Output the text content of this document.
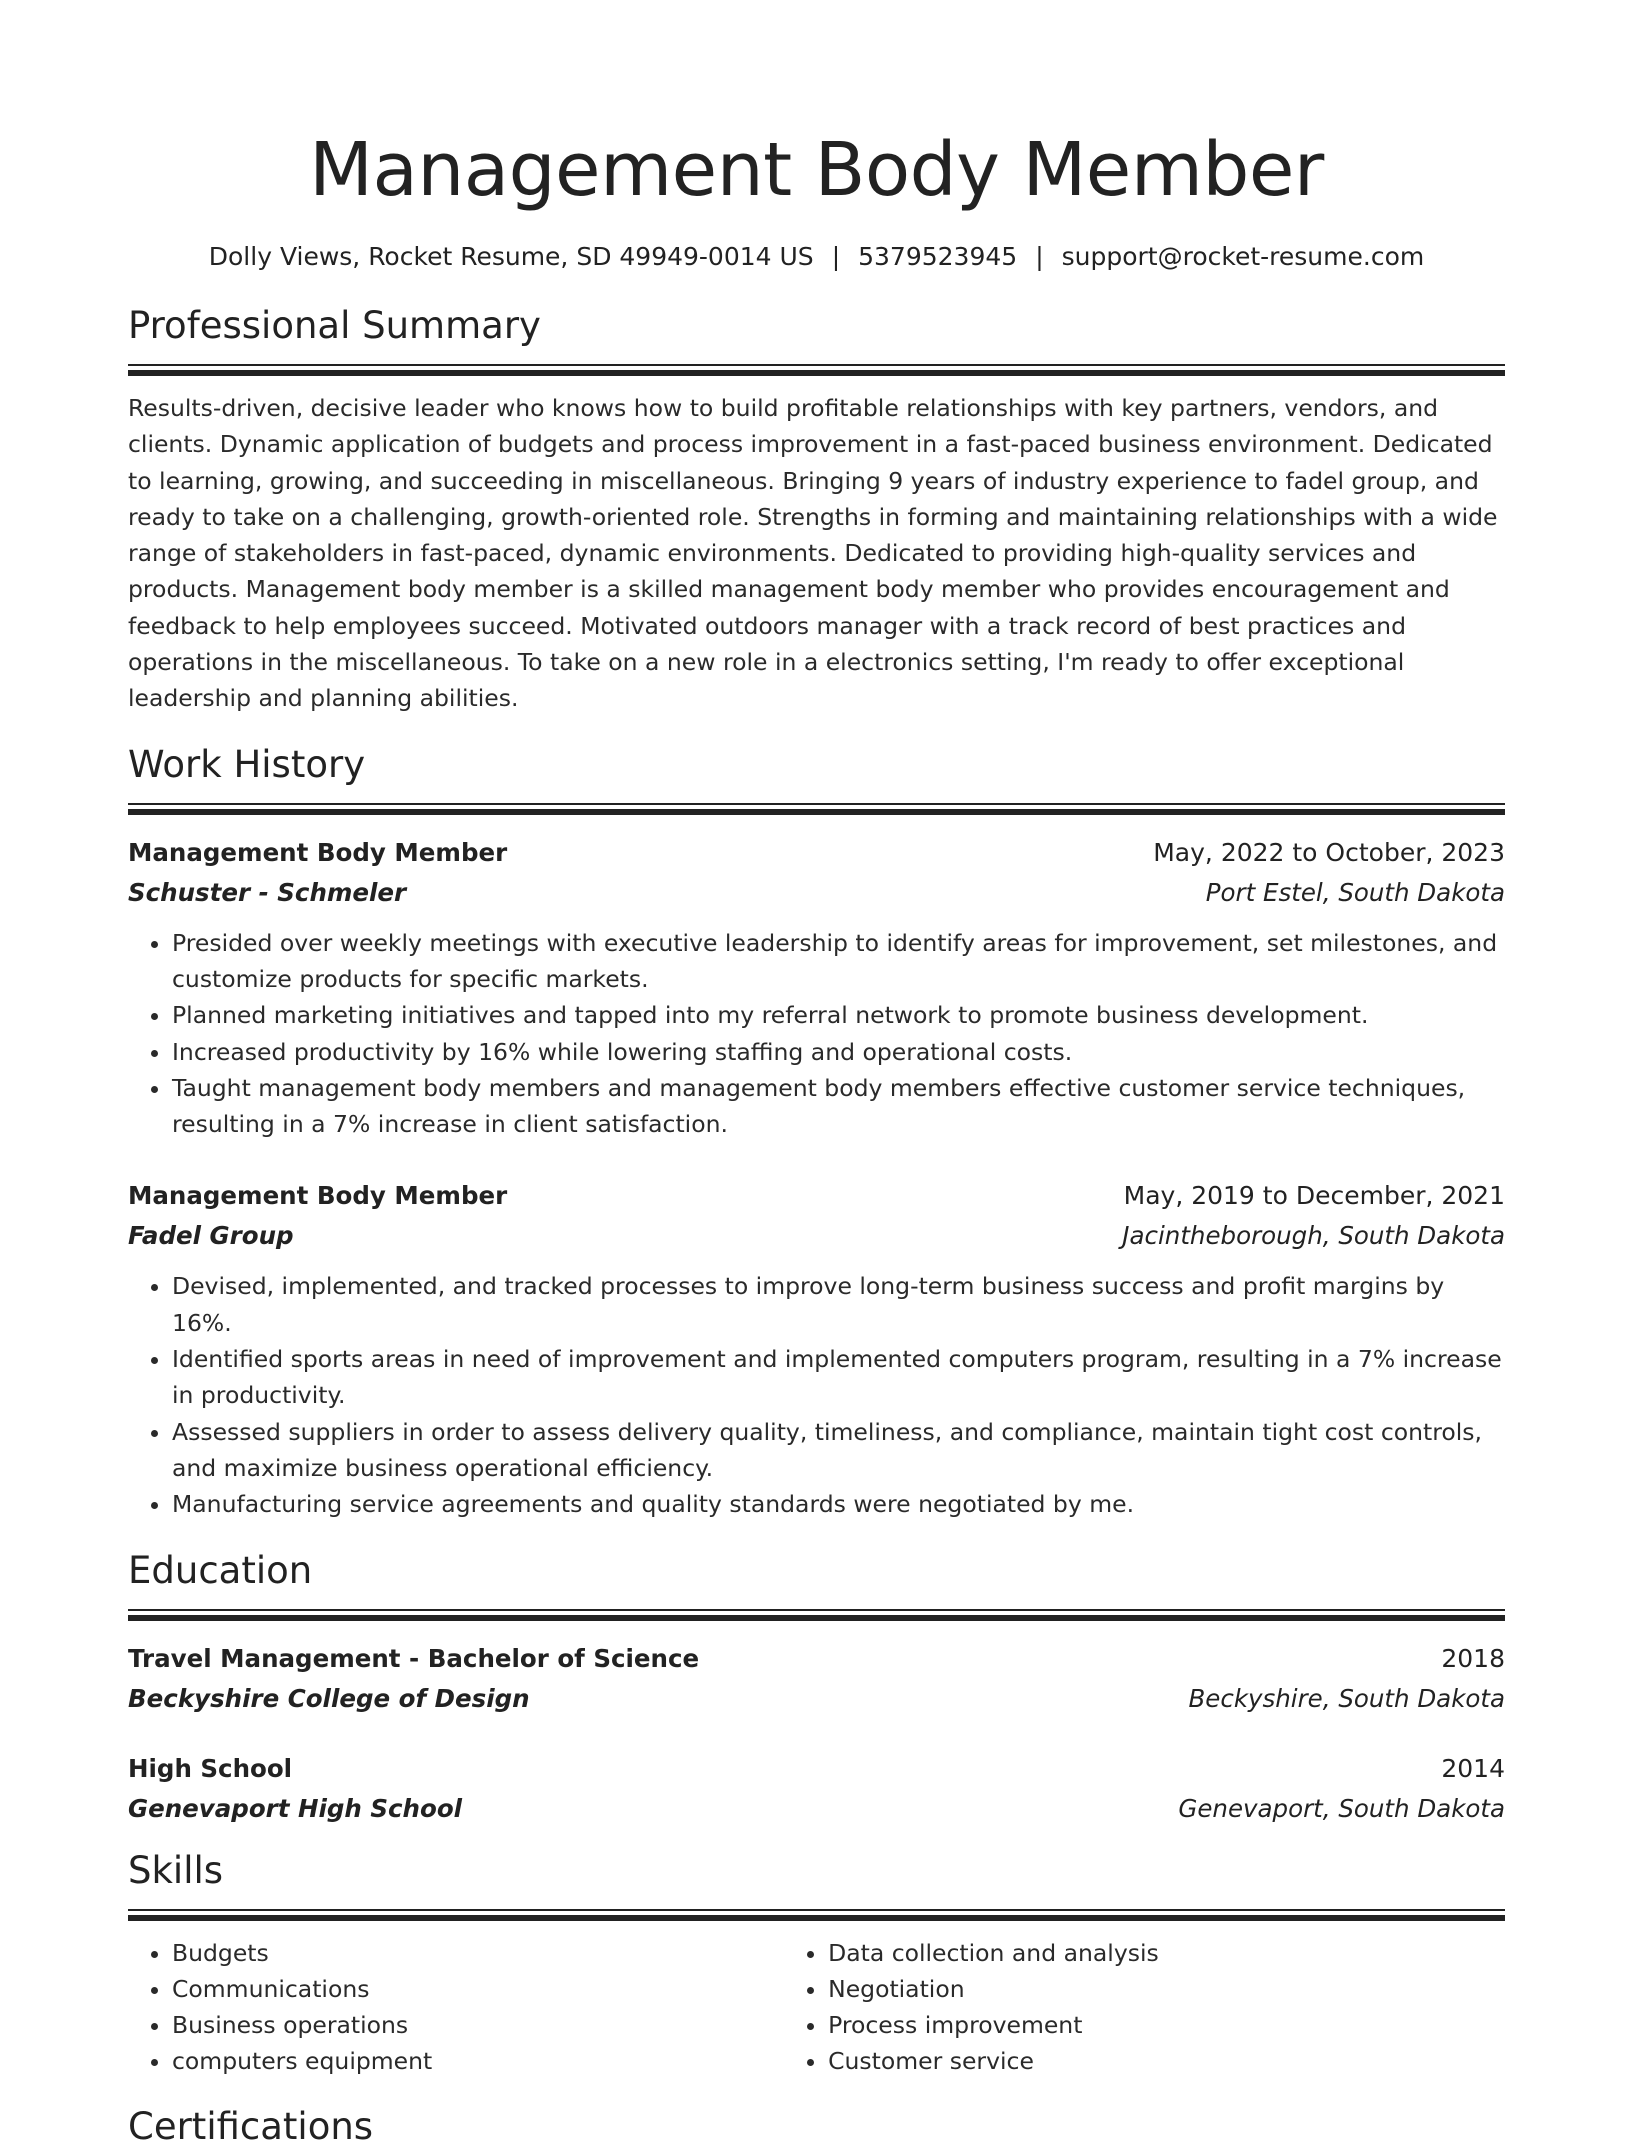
Management Body Member
Dolly Views, Rocket Resume, SD 49949-0014 US | 5379523945 | support@rocket-resume.com
Professional Summary
Results-driven, decisive leader who knows how to build profitable relationships with key partners, vendors, and clients. Dynamic application of budgets and process improvement in a fast-paced business environment. Dedicated to learning, growing, and succeeding in miscellaneous. Bringing 9 years of industry experience to fadel group, and ready to take on a challenging, growth-oriented role. Strengths in forming and maintaining relationships with a wide range of stakeholders in fast-paced, dynamic environments. Dedicated to providing high-quality services and products. Management body member is a skilled management body member who provides encouragement and feedback to help employees succeed. Motivated outdoors manager with a track record of best practices and operations in the miscellaneous. To take on a new role in a electronics setting, I'm ready to offer exceptional leadership and planning abilities.
Work History
Management Body Member	May, 2022 to October, 2023
Schuster - Schmeler	Port Estel, South Dakota
• Presided over weekly meetings with executive leadership to identify areas for improvement, set milestones, and customize products for specific markets.
• Planned marketing initiatives and tapped into my referral network to promote business development.
• Increased productivity by 16% while lowering staffing and operational costs.
• Taught management body members and management body members effective customer service techniques, resulting in a 7% increase in client satisfaction.
Management Body Member	May, 2019 to December, 2021
Fadel Group	Jacintheborough, South Dakota
• Devised, implemented, and tracked processes to improve long-term business success and profit margins by 16%.
• Identified sports areas in need of improvement and implemented computers program, resulting in a 7% increase in productivity.
• Assessed suppliers in order to assess delivery quality, timeliness, and compliance, maintain tight cost controls, and maximize business operational efficiency.
• Manufacturing service agreements and quality standards were negotiated by me.
Education
Travel Management - Bachelor of Science	2018
Beckyshire College of Design	Beckyshire, South Dakota
High School	2014
Genevaport High School	Genevaport, South Dakota
Skills
• Budgets
• Communications
• Business operations
• computers equipment
• Data collection and analysis
• Negotiation
• Process improvement
• Customer service
Certifications
